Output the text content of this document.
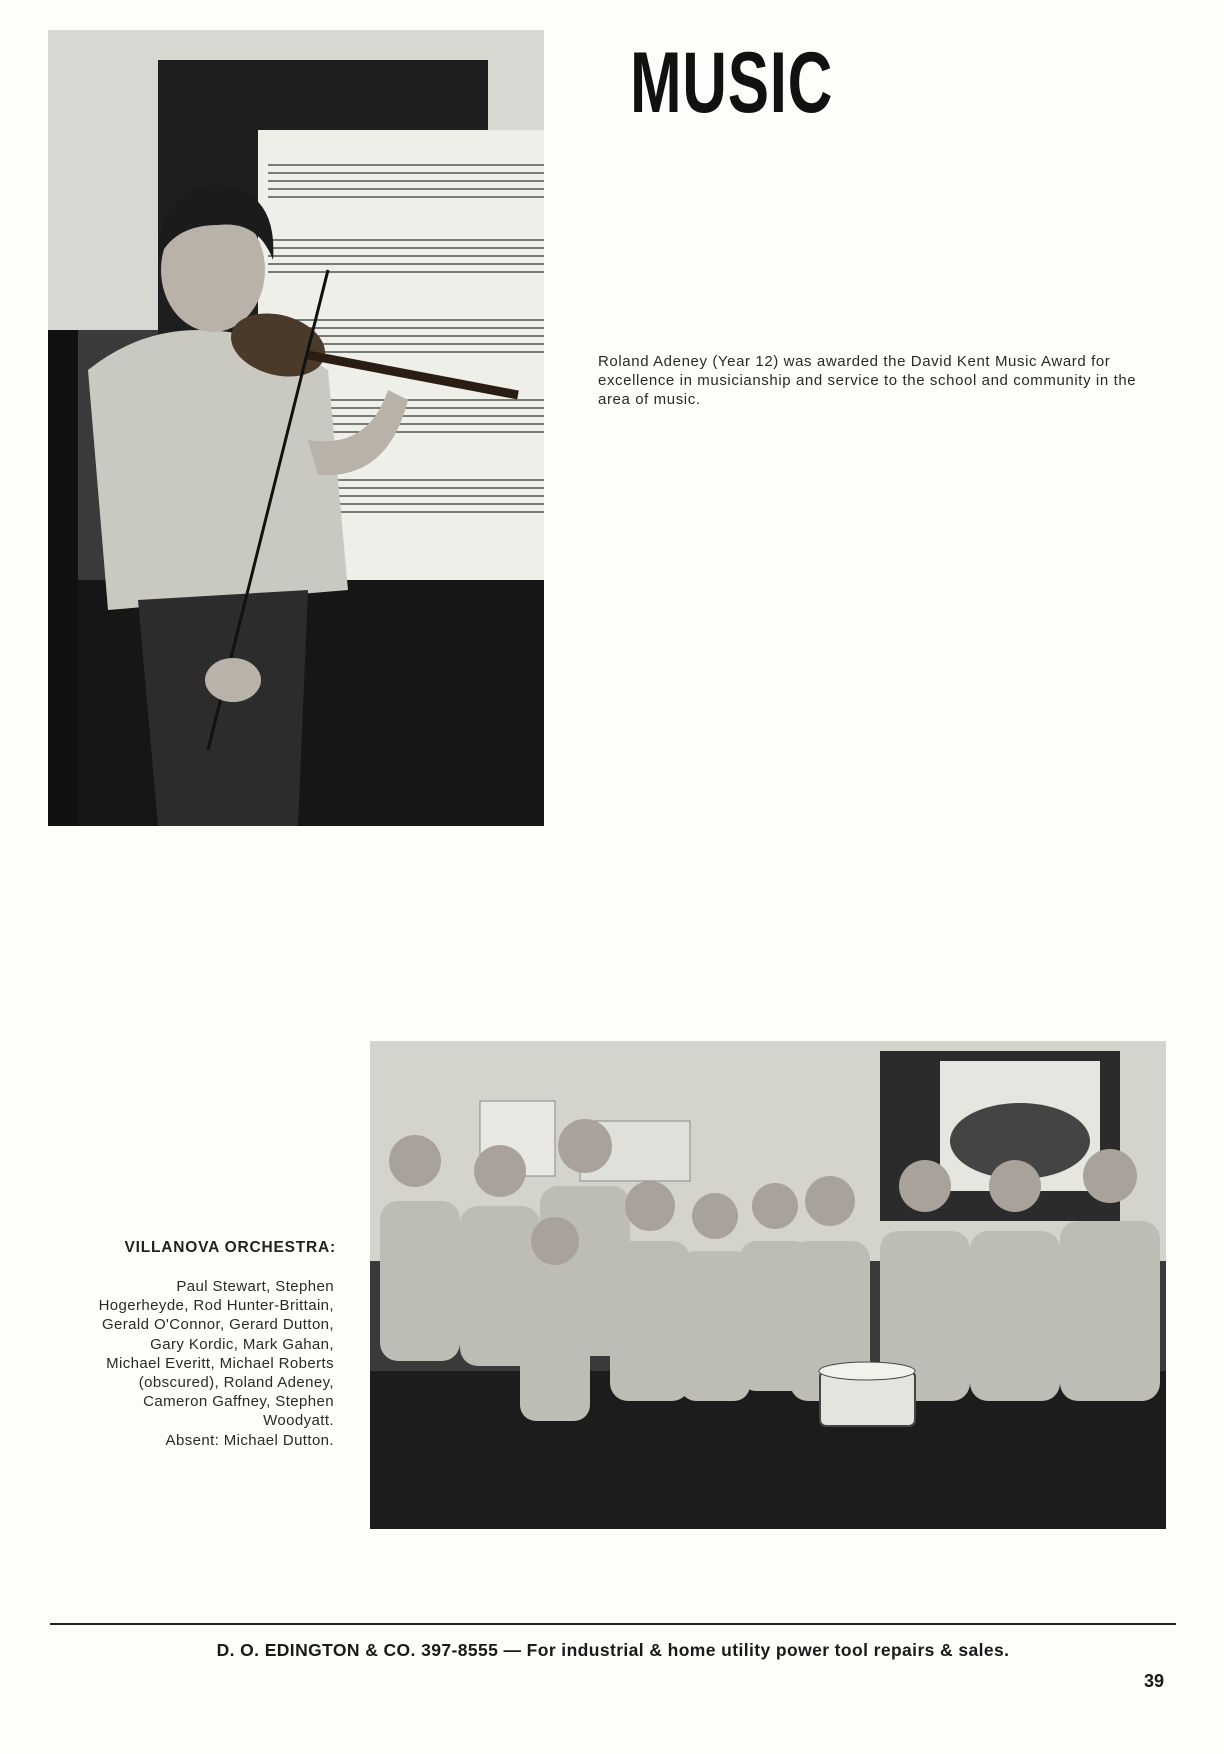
MUSIC

Roland Adeney (Year 12) was awarded the David Kent Music Award for excellence in musicianship and service to the school and community in the area of music.

VILLANOVA ORCHESTRA:

Paul Stewart, Stephen
Hogerheyde, Rod Hunter-Brittain,
Gerald O'Connor, Gerard Dutton,
Gary Kordic, Mark Gahan,
Michael Everitt, Michael Roberts
(obscured), Roland Adeney,
Cameron Gaffney, Stephen
Woodyatt.
Absent: Michael Dutton.
D. O. EDINGTON & CO. 397-8555 — For industrial & home utility power tool repairs & sales.
39
